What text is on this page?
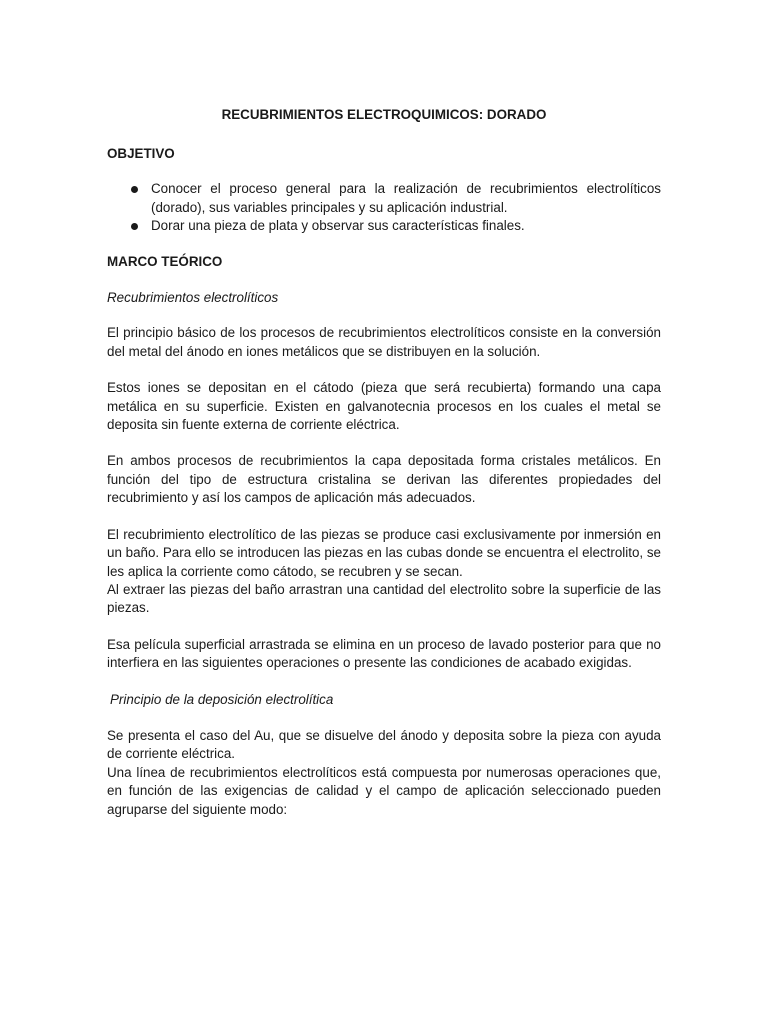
RECUBRIMIENTOS ELECTROQUIMICOS: DORADO

OBJETIVO

Conocer el proceso general para la realización de recubrimientos electrolíticos (dorado), sus variables principales y su aplicación industrial.
Dorar una pieza de plata y observar sus características finales.

MARCO TEÓRICO

Recubrimientos electrolíticos

El principio básico de los procesos de recubrimientos electrolíticos consiste en la conversión del metal del ánodo en iones metálicos que se distribuyen en la solución.

Estos iones se depositan en el cátodo (pieza que será recubierta) formando una capa metálica en su superficie. Existen en galvanotecnia procesos en los cuales el metal se deposita sin fuente externa de corriente eléctrica.

En ambos procesos de recubrimientos la capa depositada forma cristales metálicos. En función del tipo de estructura cristalina se derivan las diferentes propiedades del recubrimiento y así los campos de aplicación más adecuados.

El recubrimiento electrolítico de las piezas se produce casi exclusivamente por inmersión en un baño. Para ello se introducen las piezas en las cubas donde se encuentra el electrolito, se les aplica la corriente como cátodo, se recubren y se secan.

Al extraer las piezas del baño arrastran una cantidad del electrolito sobre la superficie de las piezas.

Esa película superficial arrastrada se elimina en un proceso de lavado posterior para que no interfiera en las siguientes operaciones o presente las condiciones de acabado exigidas.

Principio de la deposición electrolítica

Se presenta el caso del Au, que se disuelve del ánodo y deposita sobre la pieza con ayuda de corriente eléctrica.

Una línea de recubrimientos electrolíticos está compuesta por numerosas operaciones que, en función de las exigencias de calidad y el campo de aplicación seleccionado pueden agruparse del siguiente modo:
